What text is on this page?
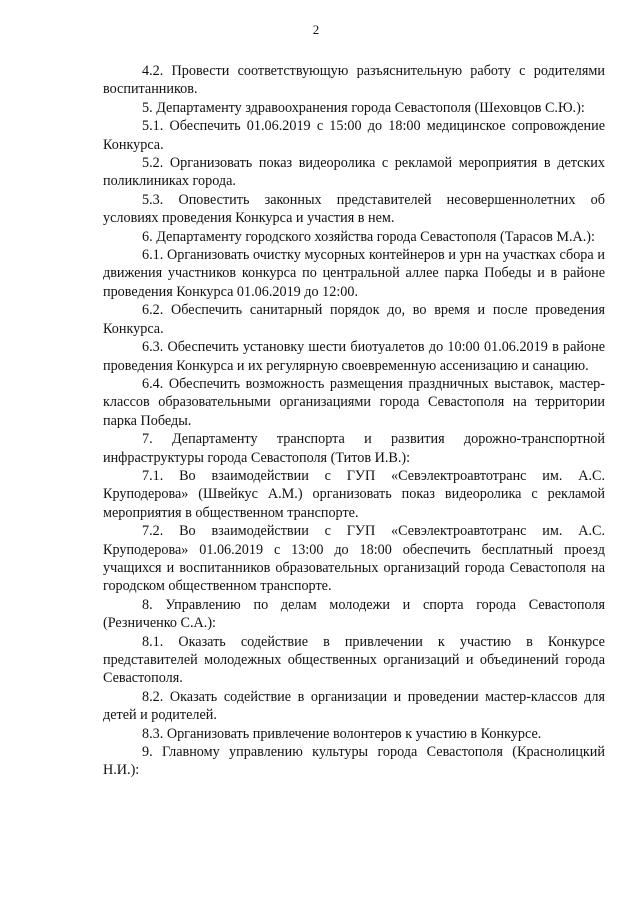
2

4.2. Провести соответствующую разъяснительную работу с родителями воспитанников.

5. Департаменту здравоохранения города Севастополя (Шеховцов С.Ю.):

5.1. Обеспечить 01.06.2019 с 15:00 до 18:00 медицинское сопровождение Конкурса.

5.2. Организовать показ видеоролика с рекламой мероприятия в детских поликлиниках города.

5.3. Оповестить законных представителей несовершеннолетних об условиях проведения Конкурса и участия в нем.

6. Департаменту городского хозяйства города Севастополя (Тарасов М.А.):

6.1. Организовать очистку мусорных контейнеров и урн на участках сбора и движения участников конкурса по центральной аллее парка Победы и в районе проведения Конкурса 01.06.2019 до 12:00.

6.2. Обеспечить санитарный порядок до, во время и после проведения Конкурса.

6.3. Обеспечить установку шести биотуалетов до 10:00 01.06.2019 в районе проведения Конкурса и их регулярную своевременную ассенизацию и санацию.

6.4. Обеспечить возможность размещения праздничных выставок, мастер-классов образовательными организациями города Севастополя на территории парка Победы.

7. Департаменту транспорта и развития дорожно-транспортной инфраструктуры города Севастополя (Титов И.В.):

7.1. Во взаимодействии с ГУП «Севэлектроавтотранс им. А.С. Круподерова» (Швейкус А.М.) организовать показ видеоролика с рекламой мероприятия в общественном транспорте.

7.2. Во взаимодействии с ГУП «Севэлектроавтотранс им. А.С. Круподерова» 01.06.2019 с 13:00 до 18:00 обеспечить бесплатный проезд учащихся и воспитанников образовательных организаций города Севастополя на городском общественном транспорте.

8. Управлению по делам молодежи и спорта города Севастополя (Резниченко С.А.):

8.1. Оказать содействие в привлечении к участию в Конкурсе представителей молодежных общественных организаций и объединений города Севастополя.

8.2. Оказать содействие в организации и проведении мастер-классов для детей и родителей.

8.3. Организовать привлечение волонтеров к участию в Конкурсе.

9. Главному управлению культуры города Севастополя (Краснолицкий Н.И.):
